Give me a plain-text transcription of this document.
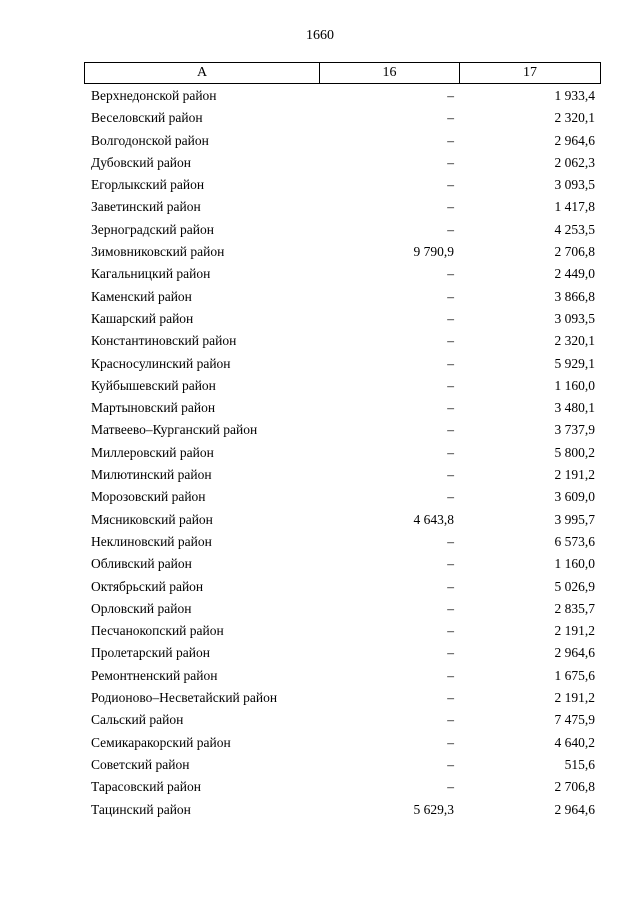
1660
А	16	17
Верхнедонской район	–	1 933,4
Веселовский район	–	2 320,1
Волгодонской район	–	2 964,6
Дубовский район	–	2 062,3
Егорлыкский район	–	3 093,5
Заветинский район	–	1 417,8
Зерноградский район	–	4 253,5
Зимовниковский район	9 790,9	2 706,8
Кагальницкий район	–	2 449,0
Каменский район	–	3 866,8
Кашарский район	–	3 093,5
Константиновский район	–	2 320,1
Красносулинский район	–	5 929,1
Куйбышевский район	–	1 160,0
Мартыновский район	–	3 480,1
Матвеево–Курганский район	–	3 737,9
Миллеровский район	–	5 800,2
Милютинский район	–	2 191,2
Морозовский район	–	3 609,0
Мясниковский район	4 643,8	3 995,7
Неклиновский район	–	6 573,6
Обливский район	–	1 160,0
Октябрьский район	–	5 026,9
Орловский район	–	2 835,7
Песчанокопский район	–	2 191,2
Пролетарский район	–	2 964,6
Ремонтненский район	–	1 675,6
Родионово–Несветайский район	–	2 191,2
Сальский район	–	7 475,9
Семикаракорский район	–	4 640,2
Советский район	–	515,6
Тарасовский район	–	2 706,8
Тацинский район	5 629,3	2 964,6
